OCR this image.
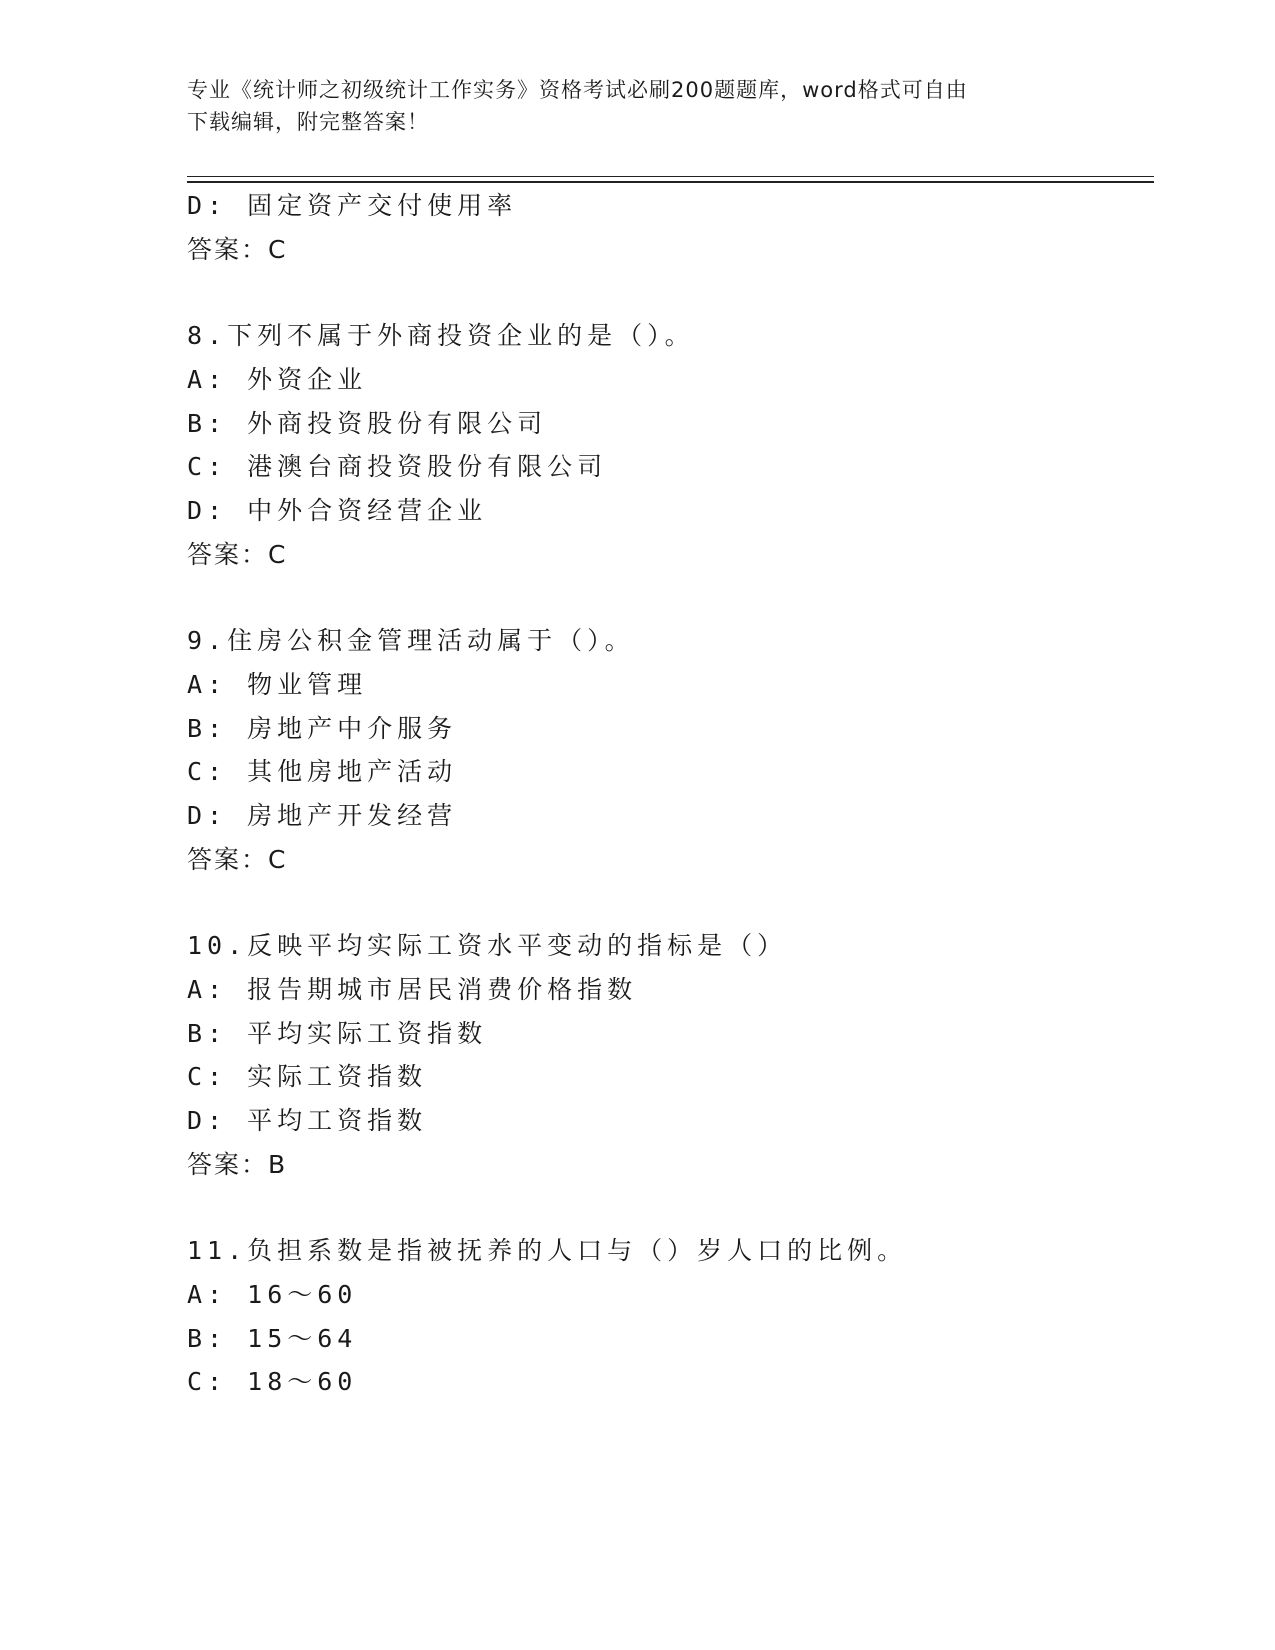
专业《统计师之初级统计工作实务》资格考试必刷200题题库，word格式可自由
下载编辑，附完整答案！
D: 固定资产交付使用率
答案：C
8.下列不属于外商投资企业的是（）。
A: 外资企业
B: 外商投资股份有限公司
C: 港澳台商投资股份有限公司
D: 中外合资经营企业
答案：C
9.住房公积金管理活动属于（）。
A: 物业管理
B: 房地产中介服务
C: 其他房地产活动
D: 房地产开发经营
答案：C
10.反映平均实际工资水平变动的指标是（）
A: 报告期城市居民消费价格指数
B: 平均实际工资指数
C: 实际工资指数
D: 平均工资指数
答案：B
11.负担系数是指被抚养的人口与（）岁人口的比例。
A: 16～60
B: 15～64
C: 18～60
